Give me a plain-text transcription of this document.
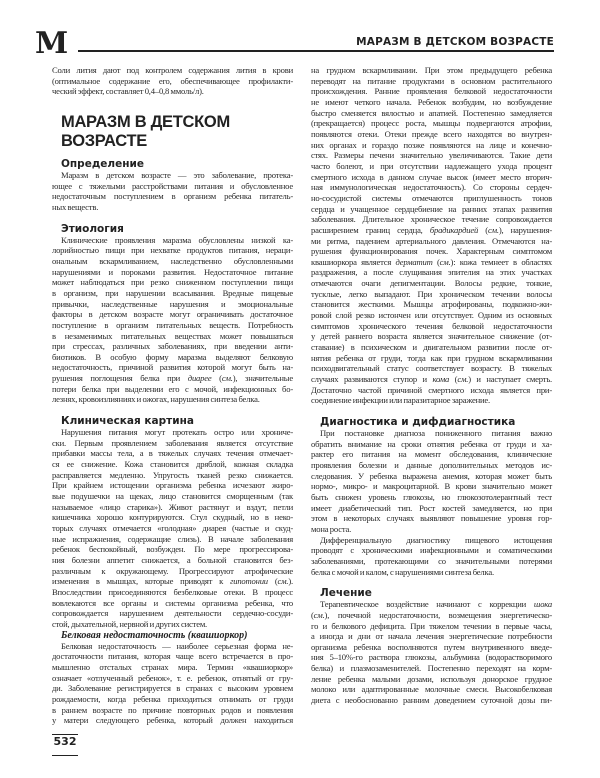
М	МАРАЗМ В ДЕТСКОМ ВОЗРАСТЕ
Соли лития дают под контролем содержания лития в крови
(оптимальное содержание его, обеспечивающее профилакти-
ческий эффект, составляет 0,4–0,8 ммоль/л).
МАРАЗМ В ДЕТСКОМ ВОЗРАСТЕ
Определение
Маразм в детском возрасте — это заболевание, протека-
ющее с тяжелыми расстройствами питания и обусловленное
недостаточным поступлением в организм ребенка питатель-
ных веществ.
Этиология
Клинические проявления маразма обусловлены низкой ка-
лорийностью пищи при нехватке продуктов питания, нераци-
ональным вскармливанием, наследственно обусловленными
нарушениями и пороками развития. Недостаточное питание
может наблюдаться при резко сниженном поступлении пищи
в организм, при нарушении всасывания. Вредные пищевые
привычки, наследственные нарушения и эмоциональные
факторы в детском возрасте могут ограничивать достаточное
поступление в организм питательных веществ. Потребность
в незаменимых питательных веществах может повышаться
при стрессах, различных заболеваниях, при введении анти-
биотиков. В особую форму маразма выделяют белковую
недостаточность, причиной развития которой могут быть на-
рушения поглощения белка при диарее (см.), значительные
потери белка при выделении его с мочой, инфекционных бо-
лезнях, кровоизлияниях и ожогах, нарушения синтеза белка.
Клиническая картина
Нарушения питания могут протекать остро или хрониче-
ски. Первым проявлением заболевания является отсутствие
прибавки массы тела, а в тяжелых случаях течения отмечает-
ся ее снижение. Кожа становится дряблой, кожная складка
расправляется медленно. Упругость тканей резко снижается.
При крайнем истощении организма ребенка исчезают жиро-
вые подушечки на щеках, лицо становится сморщенным (так
называемое «лицо старика»). Живот растянут и вздут, петли
кишечника хорошо контурируются. Стул скудный, но в неко-
торых случаях отмечается «голодная» диарея (частые и скуд-
ные испражнения, содержащие слизь). В начале заболевания
ребенок беспокойный, возбужден. По мере прогрессирова-
ния болезни аппетит снижается, а больной становится без-
различным к окружающему. Прогрессируют атрофические
изменения в мышцах, которые приводят к гипотонии (см.).
Впоследствии присоединяются безбелковые отеки. В процесс
вовлекаются все органы и системы организма ребенка, что
сопровождается нарушением деятельности сердечно-сосуди-
стой, дыхательной, нервной и других систем.
Белковая недостаточность (квашиоркор)
Белковая недостаточность — наиболее серьезная форма не-
достаточности питания, которая чаще всего встречается в про-
мышленно отсталых странах мира. Термин «квашиоркор»
означает «отлученный ребенок», т. е. ребенок, отнятый от гру-
ди. Заболевание регистрируется в странах с высоким уровнем
рождаемости, когда ребенка приходиться отнимать от груди
в раннем возрасте по причине повторных родов и появления
у матери следующего ребенка, который должен находиться
на грудном вскармливании. При этом предыдущего ребенка
переводят на питание продуктами в основном растительного
происхождения. Ранние проявления белковой недостаточности
не имеют четкого начала. Ребенок возбудим, но возбуждение
быстро сменяется вялостью и апатией. Постепенно замедляется
(прекращается) процесс роста, мышцы подвергаются атрофии,
появляются отеки. Отеки прежде всего находятся во внутрен-
них органах и гораздо позже появляются на лице и конечно-
стях. Размеры печени значительно увеличиваются. Такие дети
часто болеют, и при отсутствии надлежащего ухода процент
смертного исхода в данном случае высок (имеет место вторич-
ная иммунологическая недостаточность). Со стороны сердеч-
но-сосудистой системы отмечаются приглушенность тонов
сердца и учащенное сердцебиение на ранних этапах развития
заболевания. Длительное хроническое течение сопровождается
расширением границ сердца, брадикардией (см.), нарушения-
ми ритма, падением артериального давления. Отмечаются на-
рушения функционирования почек. Характерным симптомом
квашиоркора является дерматит (см.): кожа темнеет в областях
раздражения, а после слущивания эпителия на этих участках
отмечаются очаги депигментации. Волосы редкие, тонкие,
тусклые, легко выпадают. При хроническом течении волосы
становится жесткими. Мышцы атрофированы, подкожно-жи-
ровой слой резко истончен или отсутствует. Одним из основных
симптомов хронического течения белковой недостаточности
у детей раннего возраста является значительное снижение (от-
ставание) в психическом и двигательном развитии после от-
нятия ребенка от груди, тогда как при грудном вскармливании
психодвигательный статус соответствует возрасту. В тяжелых
случаях развиваются ступор и кома (см.) и наступает смерть.
Достаточно частой причиной смертного исхода является при-
соединение инфекции или паразитарное заражение.
Диагностика и дифдиагностика
При постановке диагноза пониженного питания важно
обратить внимание на сроки отнятия ребенка от груди и ха-
рактер его питания на момент обследования, клинические
проявления болезни и данные дополнительных методов ис-
следования. У ребенка выражена анемия, которая может быть
нормо-, микро- и макроцитарной. В крови значительно может
быть снижен уровень глюкозы, но глюкозотолерантный тест
имеет диабетический тип. Рост костей замедляется, но при
этом в некоторых случаях выявляют повышение уровня гор-
мона роста.
Дифференциальную диагностику пищевого истощения
проводят с хроническими инфекционными и соматическими
заболеваниями, протекающими со значительными потерями
белка с мочой и калом, с нарушениями синтеза белка.
Лечение
Терапевтическое воздействие начинают с коррекции шока
(см.), почечной недостаточности, возмещения энергетическо-
го и белкового дефицита. При тяжелом течении в первые часы,
а иногда и дни от начала лечения энергетические потребности
организма ребенка восполняются путем внутривенного введе-
ния 5–10%-го раствора глюкозы, альбумина (водорастворимого
белка) и плазмозаменителей. Постепенно переходят на корм-
ление ребенка малыми дозами, используя донорское грудное
молоко или адаптированные молочные смеси. Высокобелковая
диета с необоснованно ранним доведением суточной дозы пи-
532
